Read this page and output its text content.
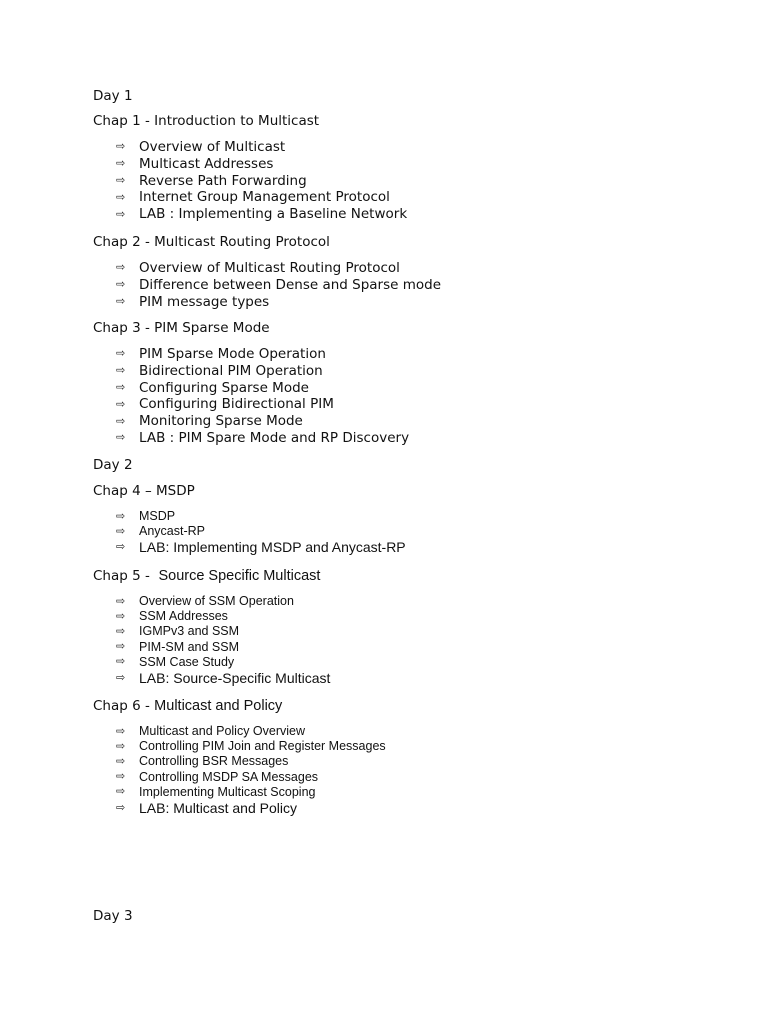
Day 1
Chap 1 - Introduction to Multicast
⇨	Overview of Multicast
⇨	Multicast Addresses
⇨	Reverse Path Forwarding
⇨	Internet Group Management Protocol
⇨	LAB : Implementing a Baseline Network
Chap 2 - Multicast Routing Protocol
⇨	Overview of Multicast Routing Protocol
⇨	Difference between Dense and Sparse mode
⇨	PIM message types
Chap 3 - PIM Sparse Mode
⇨	PIM Sparse Mode Operation
⇨	Bidirectional PIM Operation
⇨	Configuring Sparse Mode
⇨	Configuring Bidirectional PIM
⇨	Monitoring Sparse Mode
⇨	LAB : PIM Spare Mode and RP Discovery
Day 2
Chap 4 – MSDP
⇨	MSDP
⇨	Anycast-RP
⇨ LAB: Implementing MSDP and Anycast-RP
Chap 5 -  Source Specific Multicast
⇨	Overview of SSM Operation
⇨	SSM Addresses
⇨	IGMPv3 and SSM
⇨	PIM-SM and SSM
⇨	SSM Case Study
⇨ LAB: Source-Specific Multicast
Chap 6 - Multicast and Policy
⇨	Multicast and Policy Overview
⇨	Controlling PIM Join and Register Messages
⇨	Controlling BSR Messages
⇨	Controlling MSDP SA Messages
⇨	Implementing Multicast Scoping
⇨ LAB: Multicast and Policy
Day 3
